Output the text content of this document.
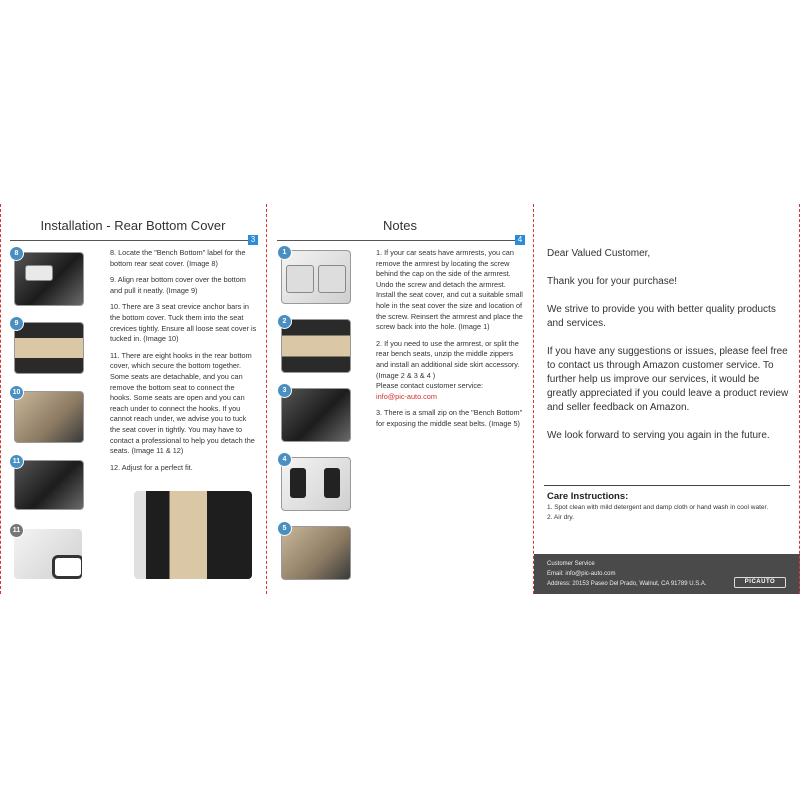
Installation - Rear Bottom Cover
3
8
9
10
11
11

8. Locate the "Bench Bottom" label for the bottom rear seat cover. (Image 8)

9. Align rear bottom cover over the bottom and pull it neatly. (Image 9)

10. There are 3 seat crevice anchor bars in the bottom cover. Tuck them into the seat crevices tightly. Ensure all loose seat cover is tucked in. (Image 10)

11. There are eight hooks in the rear bottom cover, which secure the bottom together. Some seats are detachable, and you can remove the bottom seat to connect the hooks. Some seats are open and you can reach under to connect the hooks. If you cannot reach under, we advise you to tuck the seat cover in tightly. You may have to contact a professional to help you detach the seats. (Image 11 & 12)

12. Adjust for a perfect fit.

Notes
4
1
2
3
4
5

1. If your car seats have armrests, you can remove the armrest by locating the screw behind the cap on the side of the armrest. Undo the screw and detach the armrest. Install the seat cover, and cut a suitable small hole in the seat cover the size and location of the screw. Reinsert the armrest and place the screw back into the hole. (Image 1)

2. If you need to use the armrest, or split the rear bench seats, unzip the middle zippers and install an additional side skirt accessory. (Image 2 & 3 & 4 )

Please contact customer service:
info@pic-auto.com

3. There is a small zip on the "Bench Bottom" for exposing the middle seat belts. (Image 5)

Dear Valued Customer,

Thank you for your purchase!

We strive to provide you with better quality products and services.

If you have any suggestions or issues, please feel free to contact us through Amazon customer service. To further help us improve our services, it would be greatly appreciated if you could leave a product review and seller feedback on Amazon.

We look forward to serving you again in the future.

Care Instructions:
1. Spot clean with mild detergent and damp cloth or hand wash in cool water.
2. Air dry.
Customer Service
Email: info@pic-auto.com
Address: 20153 Paseo Del Prado, Walnut, CA 91789 U.S.A.	PICAUTO
